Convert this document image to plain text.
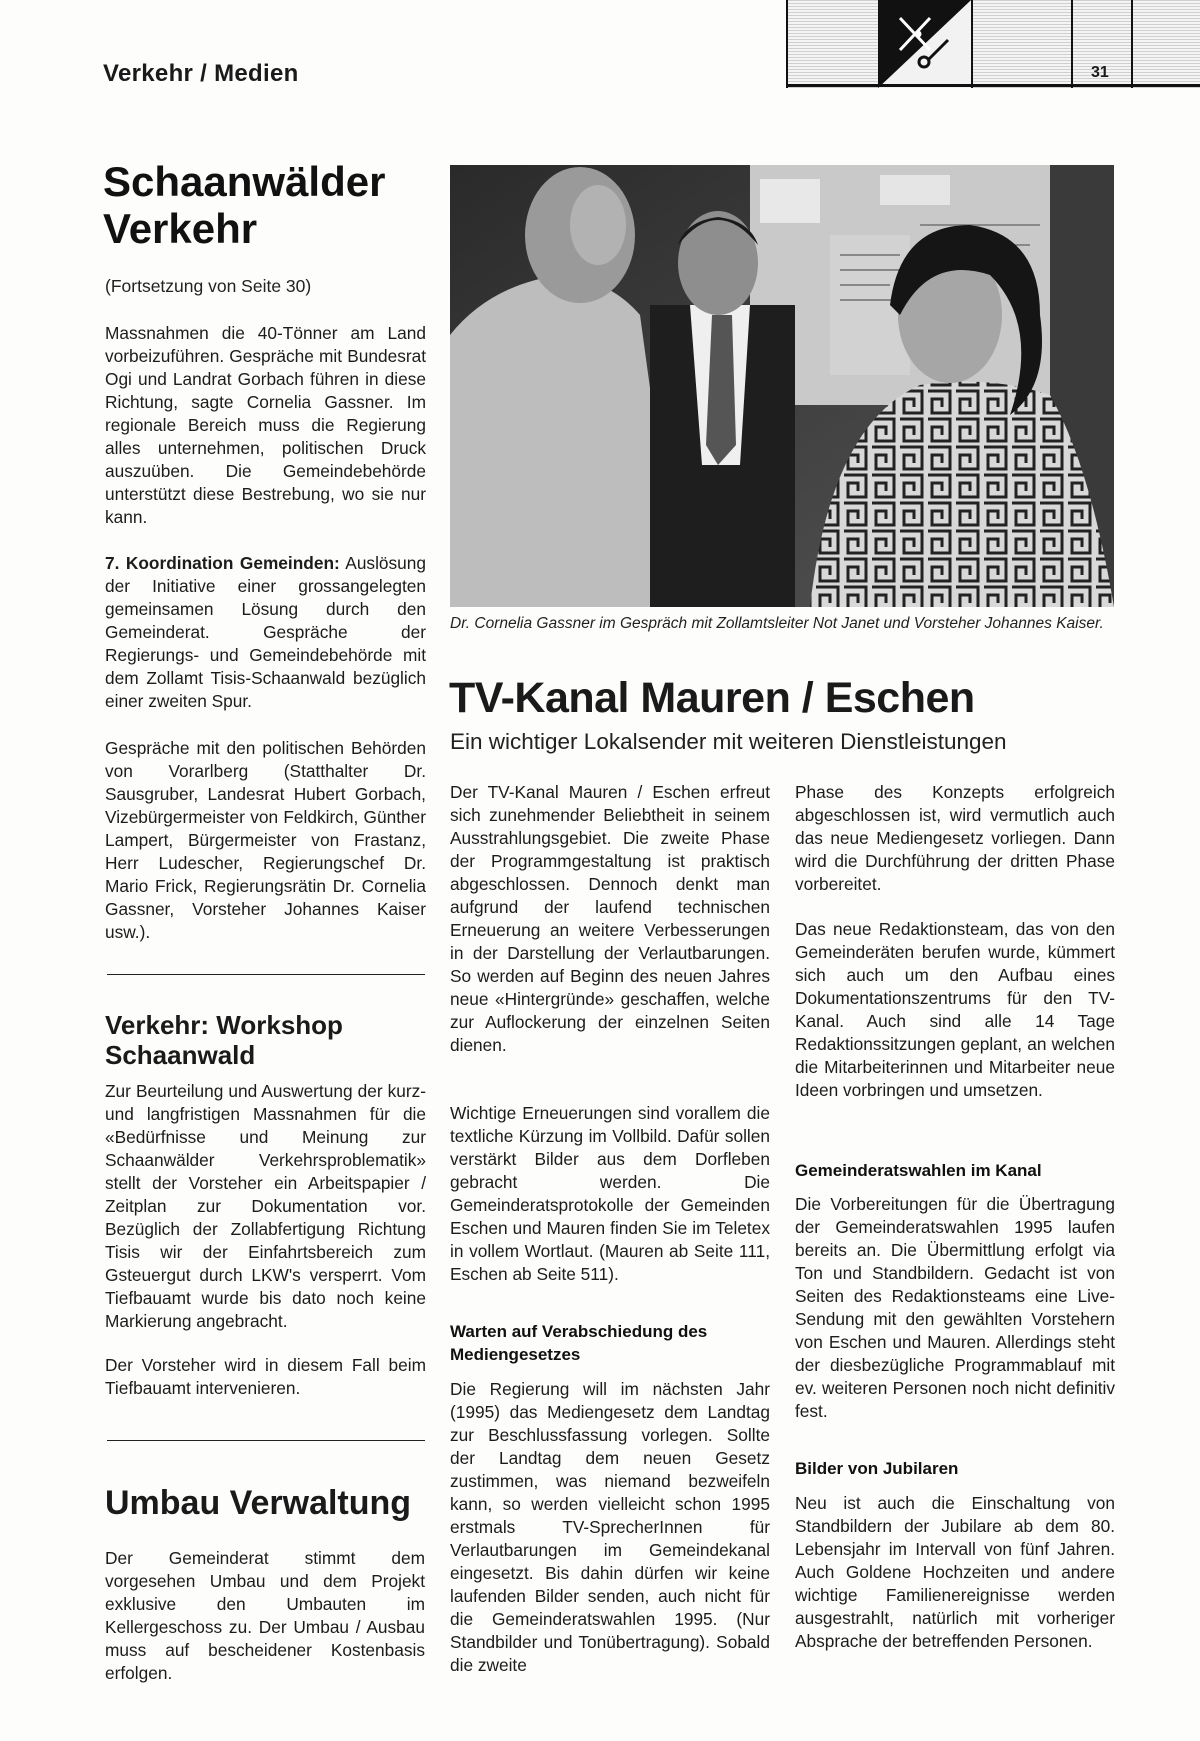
Verkehr / Medien	31
Schaanwälder Verkehr
(Fortsetzung von Seite 30)

Massnahmen die 40-Tönner am Land vorbeizuführen. Gespräche mit Bundesrat Ogi und Landrat Gorbach führen in diese Richtung, sagte Cornelia Gassner. Im regionale Bereich muss die Regierung alles unternehmen, politischen Druck auszuüben. Die Gemeindebehörde unterstützt diese Bestrebung, wo sie nur kann.

7. Koordination Gemeinden: Auslösung der Initiative einer grossangelegten gemeinsamen Lösung durch den Gemeinderat. Gespräche der Regierungs- und Gemeindebehörde mit dem Zollamt Tisis-Schaanwald bezüglich einer zweiten Spur.

Gespräche mit den politischen Behörden von Vorarlberg (Statthalter Dr. Sausgruber, Landesrat Hubert Gorbach, Vizebürgermeister von Feldkirch, Günther Lampert, Bürgermeister von Frastanz, Herr Ludescher, Regierungschef Dr. Mario Frick, Regierungsrätin Dr. Cornelia Gassner, Vorsteher Johannes Kaiser usw.).

Verkehr: Workshop Schaanwald

Zur Beurteilung und Auswertung der kurz- und langfristigen Massnahmen für die «Bedürfnisse und Meinung zur Schaanwälder Verkehrsproblematik» stellt der Vorsteher ein Arbeitspapier / Zeitplan zur Dokumentation vor. Bezüglich der Zollabfertigung Richtung Tisis wir der Einfahrtsbereich zum Gsteuergut durch LKW's versperrt. Vom Tiefbauamt wurde bis dato noch keine Markierung angebracht.

Der Vorsteher wird in diesem Fall beim Tiefbauamt intervenieren.

Umbau Verwaltung

Der Gemeinderat stimmt dem vorgesehen Umbau und dem Projekt exklusive den Umbauten im Kellergeschoss zu. Der Umbau / Ausbau muss auf bescheidener Kostenbasis erfolgen.

Dr. Cornelia Gassner im Gespräch mit Zollamtsleiter Not Janet und Vorsteher Johannes Kaiser.
TV-Kanal Mauren / Eschen
Ein wichtiger Lokalsender mit weiteren Dienstleistungen

Der TV-Kanal Mauren / Eschen erfreut sich zunehmender Beliebtheit in seinem Ausstrahlungsgebiet. Die zweite Phase der Programmgestaltung ist praktisch abgeschlossen. Dennoch denkt man aufgrund der laufend technischen Erneuerung an weitere Verbesserungen in der Darstellung der Verlautbarungen. So werden auf Beginn des neuen Jahres neue «Hintergründe» geschaffen, welche zur Auflockerung der einzelnen Seiten dienen.

Wichtige Erneuerungen sind vorallem die textliche Kürzung im Vollbild. Dafür sollen verstärkt Bilder aus dem Dorfleben gebracht werden. Die Gemeinderatsprotokolle der Gemeinden Eschen und Mauren finden Sie im Teletex in vollem Wortlaut. (Mauren ab Seite 111, Eschen ab Seite 511).

Warten auf Verabschiedung des Mediengesetzes

Die Regierung will im nächsten Jahr (1995) das Mediengesetz dem Landtag zur Beschlussfassung vorlegen. Sollte der Landtag dem neuen Gesetz zustimmen, was niemand bezweifeln kann, so werden vielleicht schon 1995 erstmals TV-SprecherInnen für Verlautbarungen im Gemeindekanal eingesetzt. Bis dahin dürfen wir keine laufenden Bilder senden, auch nicht für die Gemeinderatswahlen 1995. (Nur Standbilder und Tonübertragung). Sobald die zweite

Phase des Konzepts erfolgreich abgeschlossen ist, wird vermutlich auch das neue Mediengesetz vorliegen. Dann wird die Durchführung der dritten Phase vorbereitet.

Das neue Redaktionsteam, das von den Gemeinderäten berufen wurde, kümmert sich auch um den Aufbau eines Dokumentationszentrums für den TV-Kanal. Auch sind alle 14 Tage Redaktionssitzungen geplant, an welchen die Mitarbeiterinnen und Mitarbeiter neue Ideen vorbringen und umsetzen.

Gemeinderatswahlen im Kanal

Die Vorbereitungen für die Übertragung der Gemeinderatswahlen 1995 laufen bereits an. Die Übermittlung erfolgt via Ton und Standbildern. Gedacht ist von Seiten des Redaktionsteams eine Live-Sendung mit den gewählten Vorstehern von Eschen und Mauren. Allerdings steht der diesbezügliche Programmablauf mit ev. weiteren Personen noch nicht definitiv fest.

Bilder von Jubilaren

Neu ist auch die Einschaltung von Standbildern der Jubilare ab dem 80. Lebensjahr im Intervall von fünf Jahren. Auch Goldene Hochzeiten und andere wichtige Familienereignisse werden ausgestrahlt, natürlich mit vorheriger Absprache der betreffenden Personen.
